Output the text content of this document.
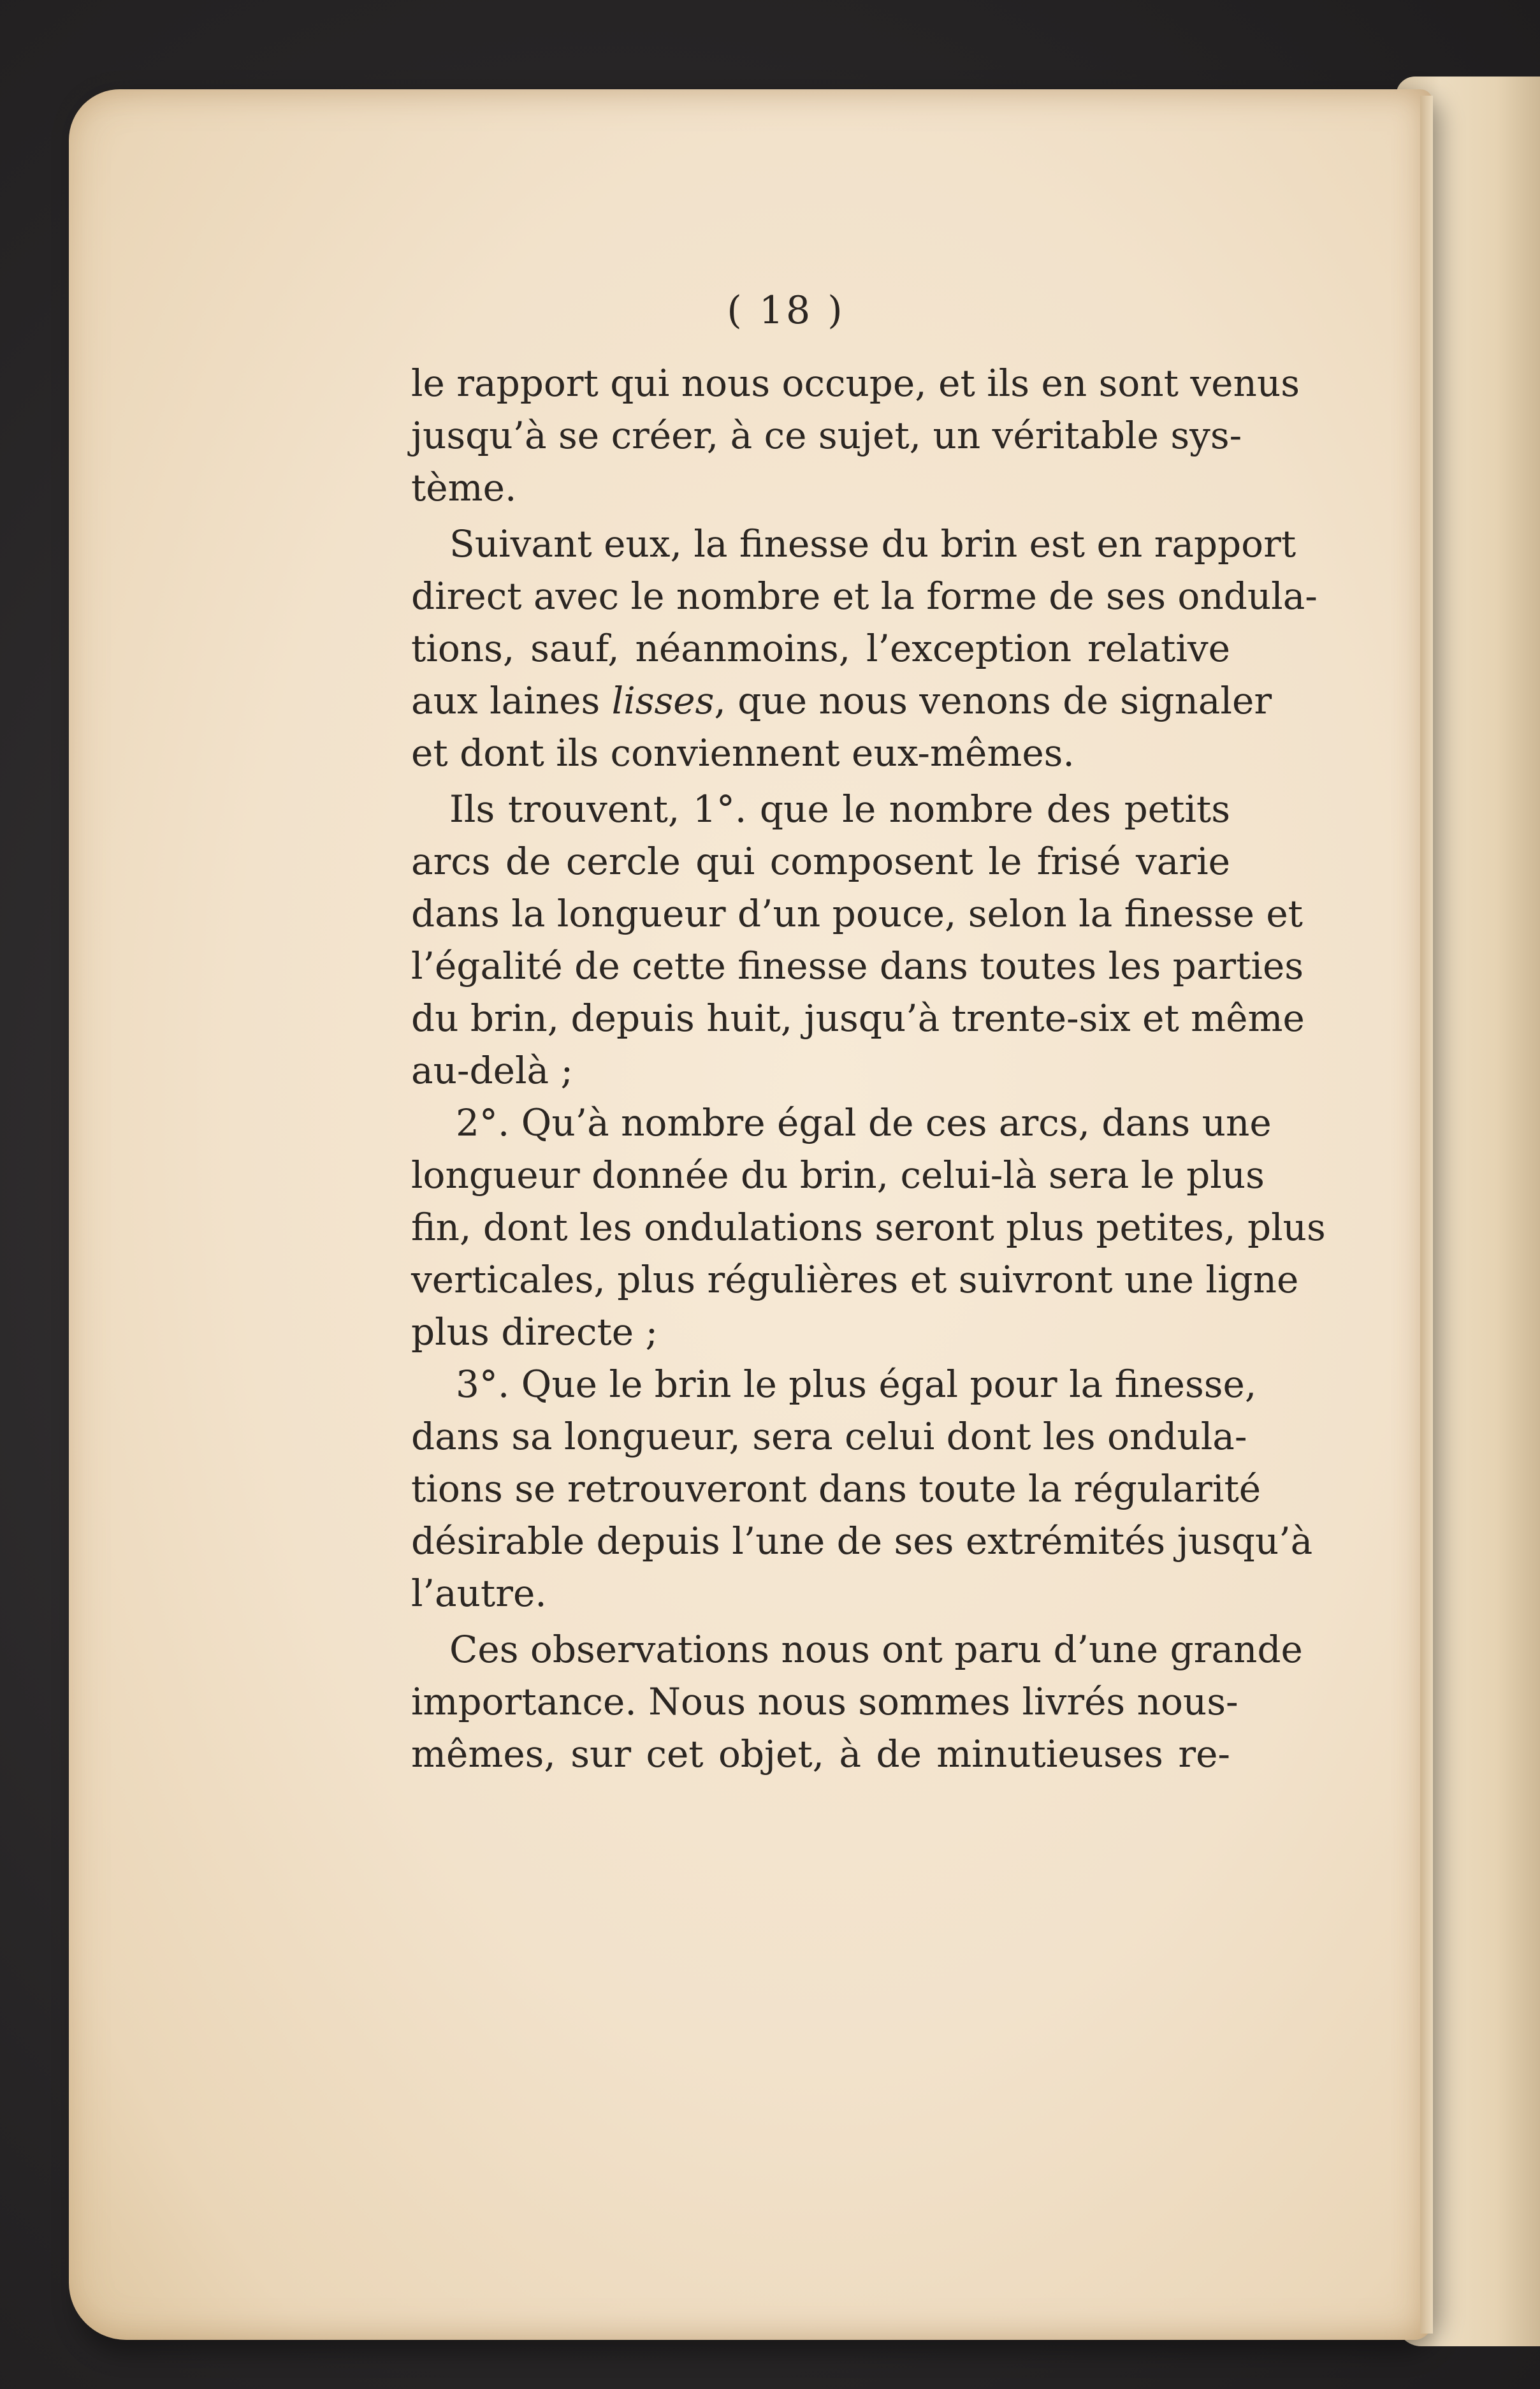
( 18 )
le rapport qui nous occupe, et ils en sont venus
jusqu’à se créer, à ce sujet, un véritable sys-
tème.
Suivant eux, la finesse du brin est en rapport
direct avec le nombre et la forme de ses ondula-
tions, sauf, néanmoins, l’exception relative
aux laines lisses, que nous venons de signaler
et dont ils conviennent eux-mêmes.
Ils trouvent, 1°. que le nombre des petits
arcs de cercle qui composent le frisé varie
dans la longueur d’un pouce, selon la finesse et
l’égalité de cette finesse dans toutes les parties
du brin, depuis huit, jusqu’à trente-six et même
au-delà ;
2°. Qu’à nombre égal de ces arcs, dans une
longueur donnée du brin, celui-là sera le plus
fin, dont les ondulations seront plus petites, plus
verticales, plus régulières et suivront une ligne
plus directe ;
3°. Que le brin le plus égal pour la finesse,
dans sa longueur, sera celui dont les ondula-
tions se retrouveront dans toute la régularité
désirable depuis l’une de ses extrémités jusqu’à
l’autre.
Ces observations nous ont paru d’une grande
importance. Nous nous sommes livrés nous-
mêmes, sur cet objet, à de minutieuses re-
